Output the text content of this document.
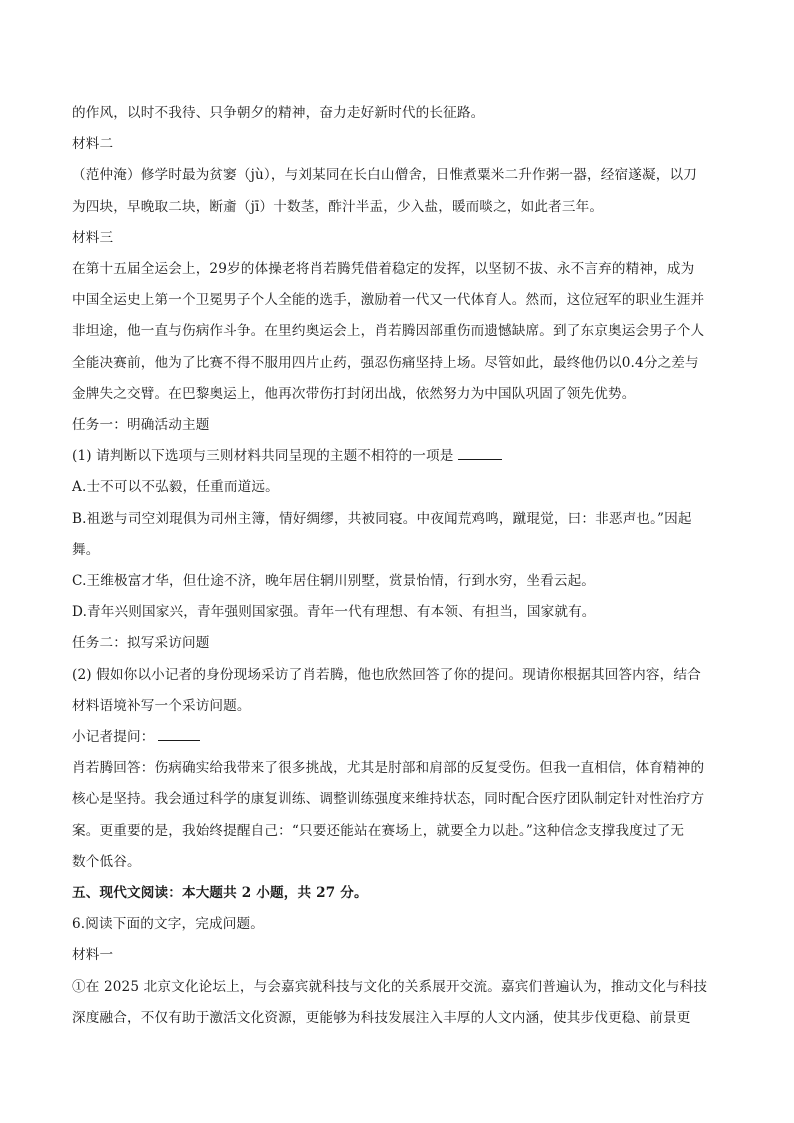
的作风，以时不我待、只争朝夕的精神，奋力走好新时代的长征路。
材料二
（范仲淹）修学时最为贫窭（jù），与刘某同在长白山僧舍，日惟煮粟米二升作粥一器，经宿遂凝，以刀
为四块，早晚取二块，断齑（jī）十数茎，酢汁半盂，少入盐，暖而啖之，如此者三年。
材料三
在第十五届全运会上，29岁的体操老将肖若腾凭借着稳定的发挥，以坚韧不拔、永不言弃的精神，成为
中国全运史上第一个卫冕男子个人全能的选手，激励着一代又一代体育人。然而，这位冠军的职业生涯并
非坦途，他一直与伤病作斗争。在里约奥运会上，肖若腾因部重伤而遗憾缺席。到了东京奥运会男子个人
全能决赛前，他为了比赛不得不服用四片止药，强忍伤痛坚持上场。尽管如此，最终他仍以0.4分之差与
金牌失之交臂。在巴黎奥运上，他再次带伤打封闭出战，依然努力为中国队巩固了领先优势。
任务一：明确活动主题
(1) 请判断以下选项与三则材料共同呈现的主题不相符的一项是
A.士不可以不弘毅，任重而道远。
B.祖逖与司空刘琨俱为司州主簿，情好绸缪，共被同寝。中夜闻荒鸡鸣，蹴琨觉，曰：非恶声也。”因起
舞。
C.王维极富才华，但仕途不济，晚年居住辋川别墅，赏景怡情，行到水穷，坐看云起。
D.青年兴则国家兴，青年强则国家强。青年一代有理想、有本领、有担当，国家就有。
任务二：拟写采访问题
(2) 假如你以小记者的身份现场采访了肖若腾，他也欣然回答了你的提问。现请你根据其回答内容，结合
材料语境补写一个采访问题。
小记者提问：
肖若腾回答：伤病确实给我带来了很多挑战，尤其是肘部和肩部的反复受伤。但我一直相信，体育精神的
核心是坚持。我会通过科学的康复训练、调整训练强度来维持状态，同时配合医疗团队制定针对性治疗方
案。更重要的是，我始终提醒自己：“只要还能站在赛场上，就要全力以赴。”这种信念支撑我度过了无
数个低谷。
五、现代文阅读：本大题共 2 小题，共 27 分。
6.阅读下面的文字，完成问题。
材料一
①在 2025 北京文化论坛上，与会嘉宾就科技与文化的关系展开交流。嘉宾们普遍认为，推动文化与科技
深度融合，不仅有助于激活文化资源，更能够为科技发展注入丰厚的人文内涵，使其步伐更稳、前景更
